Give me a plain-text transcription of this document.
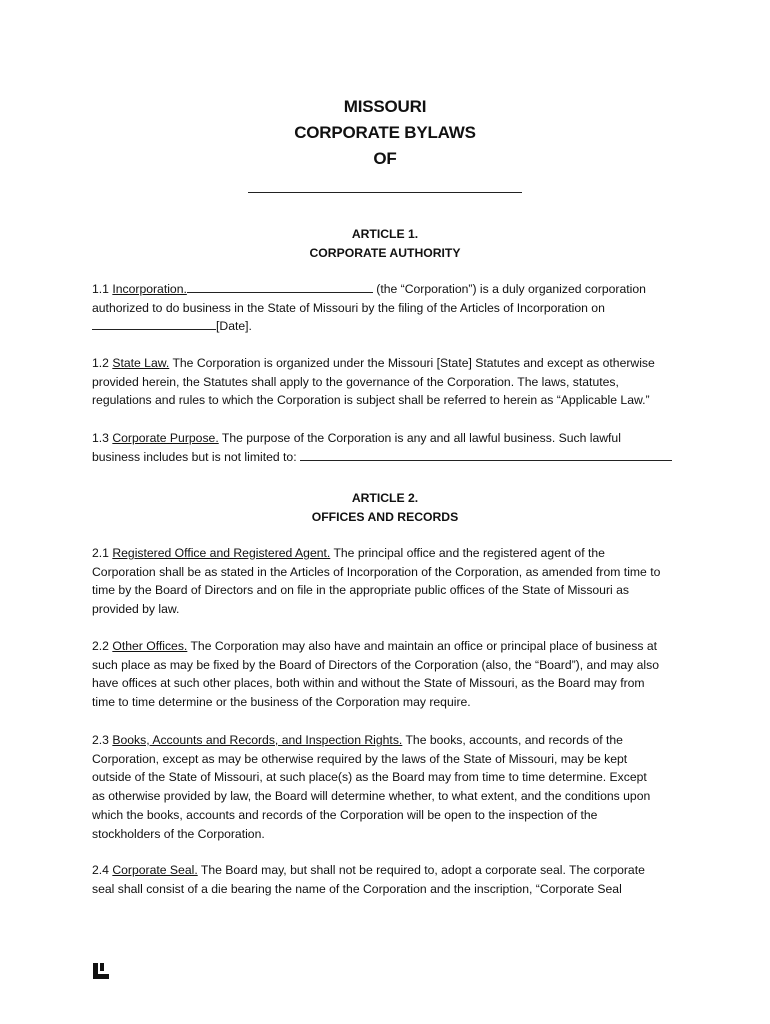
MISSOURI
CORPORATE BYLAWS
OF
ARTICLE 1.
CORPORATE AUTHORITY
1.1 Incorporation.	(the “Corporation”) is a duly organized corporation
authorized to do business in the State of Missouri by the filing of the Articles of Incorporation on
[Date].
1.2 State Law. The Corporation is organized under the Missouri [State] Statutes and except as otherwise
provided herein, the Statutes shall apply to the governance of the Corporation. The laws, statutes,
regulations and rules to which the Corporation is subject shall be referred to herein as “Applicable Law.”
1.3 Corporate Purpose. The purpose of the Corporation is any and all lawful business. Such lawful
business includes but is not limited to:
ARTICLE 2.
OFFICES AND RECORDS
2.1 Registered Office and Registered Agent. The principal office and the registered agent of the
Corporation shall be as stated in the Articles of Incorporation of the Corporation, as amended from time to
time by the Board of Directors and on file in the appropriate public offices of the State of Missouri as
provided by law.
2.2 Other Offices. The Corporation may also have and maintain an office or principal place of business at
such place as may be fixed by the Board of Directors of the Corporation (also, the “Board”), and may also
have offices at such other places, both within and without the State of Missouri, as the Board may from
time to time determine or the business of the Corporation may require.
2.3 Books, Accounts and Records, and Inspection Rights. The books, accounts, and records of the
Corporation, except as may be otherwise required by the laws of the State of Missouri, may be kept
outside of the State of Missouri, at such place(s) as the Board may from time to time determine. Except
as otherwise provided by law, the Board will determine whether, to what extent, and the conditions upon
which the books, accounts and records of the Corporation will be open to the inspection of the
stockholders of the Corporation.
2.4 Corporate Seal. The Board may, but shall not be required to, adopt a corporate seal. The corporate
seal shall consist of a die bearing the name of the Corporation and the inscription, “Corporate Seal
